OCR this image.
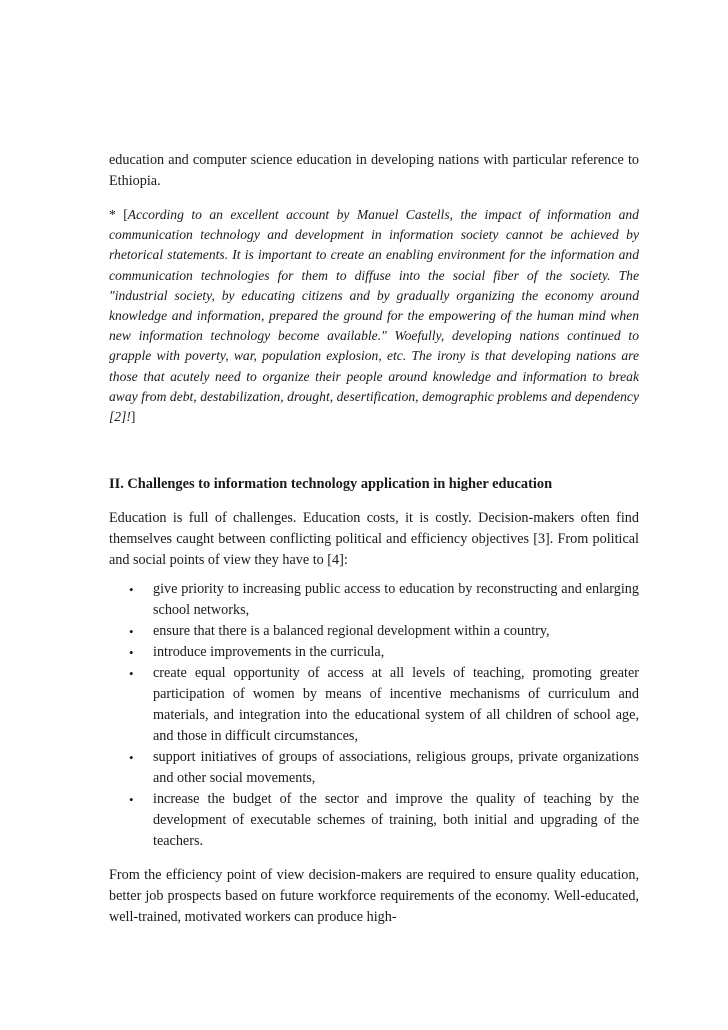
education and computer science education in developing nations with particular reference to Ethiopia.

* [According to an excellent account by Manuel Castells, the impact of information and communication technology and development in information society cannot be achieved by rhetorical statements. It is important to create an enabling environment for the information and communication technologies for them to diffuse into the social fiber of the society. The "industrial society, by educating citizens and by gradually organizing the economy around knowledge and information, prepared the ground for the empowering of the human mind when new information technology become available." Woefully, developing nations continued to grapple with poverty, war, population explosion, etc. The irony is that developing nations are those that acutely need to organize their people around knowledge and information to break away from debt, destabilization, drought, desertification, demographic problems and dependency [2]!]

II. Challenges to information technology application in higher education

Education is full of challenges. Education costs, it is costly. Decision-makers often find themselves caught between conflicting political and efficiency objectives [3]. From political and social points of view they have to [4]:

• give priority to increasing public access to education by reconstructing and enlarging school networks,
• ensure that there is a balanced regional development within a country,
• introduce improvements in the curricula,
• create equal opportunity of access at all levels of teaching, promoting greater participation of women by means of incentive mechanisms of curriculum and materials, and integration into the educational system of all children of school age, and those in difficult circumstances,
• support initiatives of groups of associations, religious groups, private organizations and other social movements,
• increase the budget of the sector and improve the quality of teaching by the development of executable schemes of training, both initial and upgrading of the teachers.

From the efficiency point of view decision-makers are required to ensure quality education, better job prospects based on future workforce requirements of the economy. Well-educated, well-trained, motivated workers can produce high-
